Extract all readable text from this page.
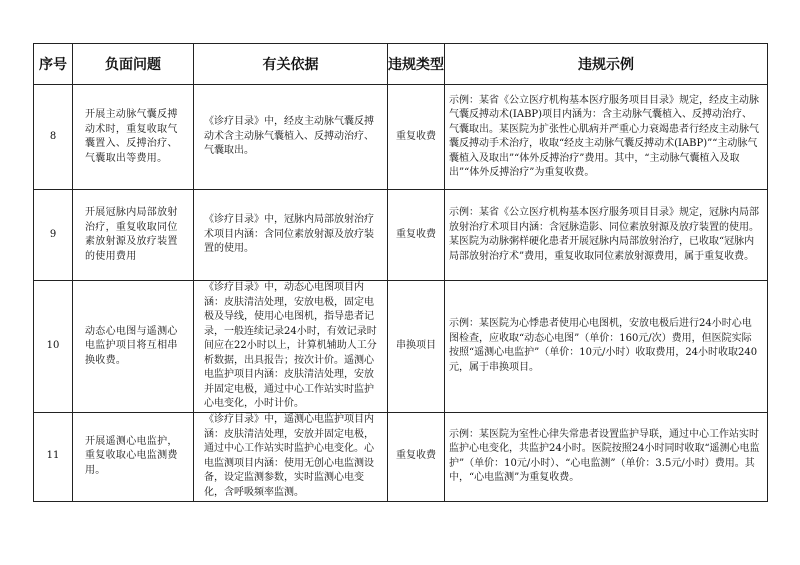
序号	负面问题	有关依据	违规类型	违规示例
8	开展主动脉气囊反搏动术时，重复收取气囊置入、反搏治疗、气囊取出等费用。	《诊疗目录》中，经皮主动脉气囊反搏动术含主动脉气囊植入、反搏动治疗、气囊取出。	重复收费	示例：某省《公立医疗机构基本医疗服务项目目录》规定，经皮主动脉气囊反搏动术(IABP)项目内涵为：含主动脉气囊植入、反搏动治疗、气囊取出。某医院为扩张性心肌病并严重心力衰竭患者行经皮主动脉气囊反搏动手术治疗，收取“经皮主动脉气囊反搏动术(IABP)”“主动脉气囊植入及取出”“体外反搏治疗”费用。其中，“主动脉气囊植入及取出”“体外反搏治疗”为重复收费。
9	开展冠脉内局部放射治疗，重复收取同位素放射源及放疗装置的使用费用	《诊疗目录》中，冠脉内局部放射治疗术项目内涵：含同位素放射源及放疗装置的使用。	重复收费	示例：某省《公立医疗机构基本医疗服务项目目录》规定，冠脉内局部放射治疗术项目内涵：含冠脉造影、同位素放射源及放疗装置的使用。某医院为动脉粥样硬化患者开展冠脉内局部放射治疗，已收取“冠脉内局部放射治疗术”费用，重复收取同位素放射源费用，属于重复收费。
10	动态心电图与遥测心电监护项目将互相串换收费。	《诊疗目录》中，动态心电图项目内涵：皮肤清洁处理，安放电极，固定电极及导线，使用心电图机，指导患者记录，一般连续记录24小时，有效记录时间应在22小时以上，计算机辅助人工分析数据，出具报告；按次计价。遥测心电监护项目内涵：皮肤清洁处理，安放并固定电极，通过中心工作站实时监护心电变化，小时计价。	串换项目	示例：某医院为心悸患者使用心电图机，安放电极后进行24小时心电图检查，应收取“动态心电图”（单价：160元/次）费用，但医院实际按照“遥测心电监护”（单价：10元/小时）收取费用，24小时收取240元，属于串换项目。
11	开展遥测心电监护，重复收取心电监测费用。	《诊疗目录》中，遥测心电监护项目内涵：皮肤清洁处理，安放并固定电极，通过中心工作站实时监护心电变化。心电监测项目内涵：使用无创心电监测设备，设定监测参数，实时监测心电变化，含呼吸频率监测。	重复收费	示例：某医院为室性心律失常患者设置监护导联，通过中心工作站实时监护心电变化，共监护24小时。医院按照24小时同时收取“遥测心电监护”（单价：10元/小时）、“心电监测”（单价：3.5元/小时）费用。其中，“心电监测”为重复收费。
